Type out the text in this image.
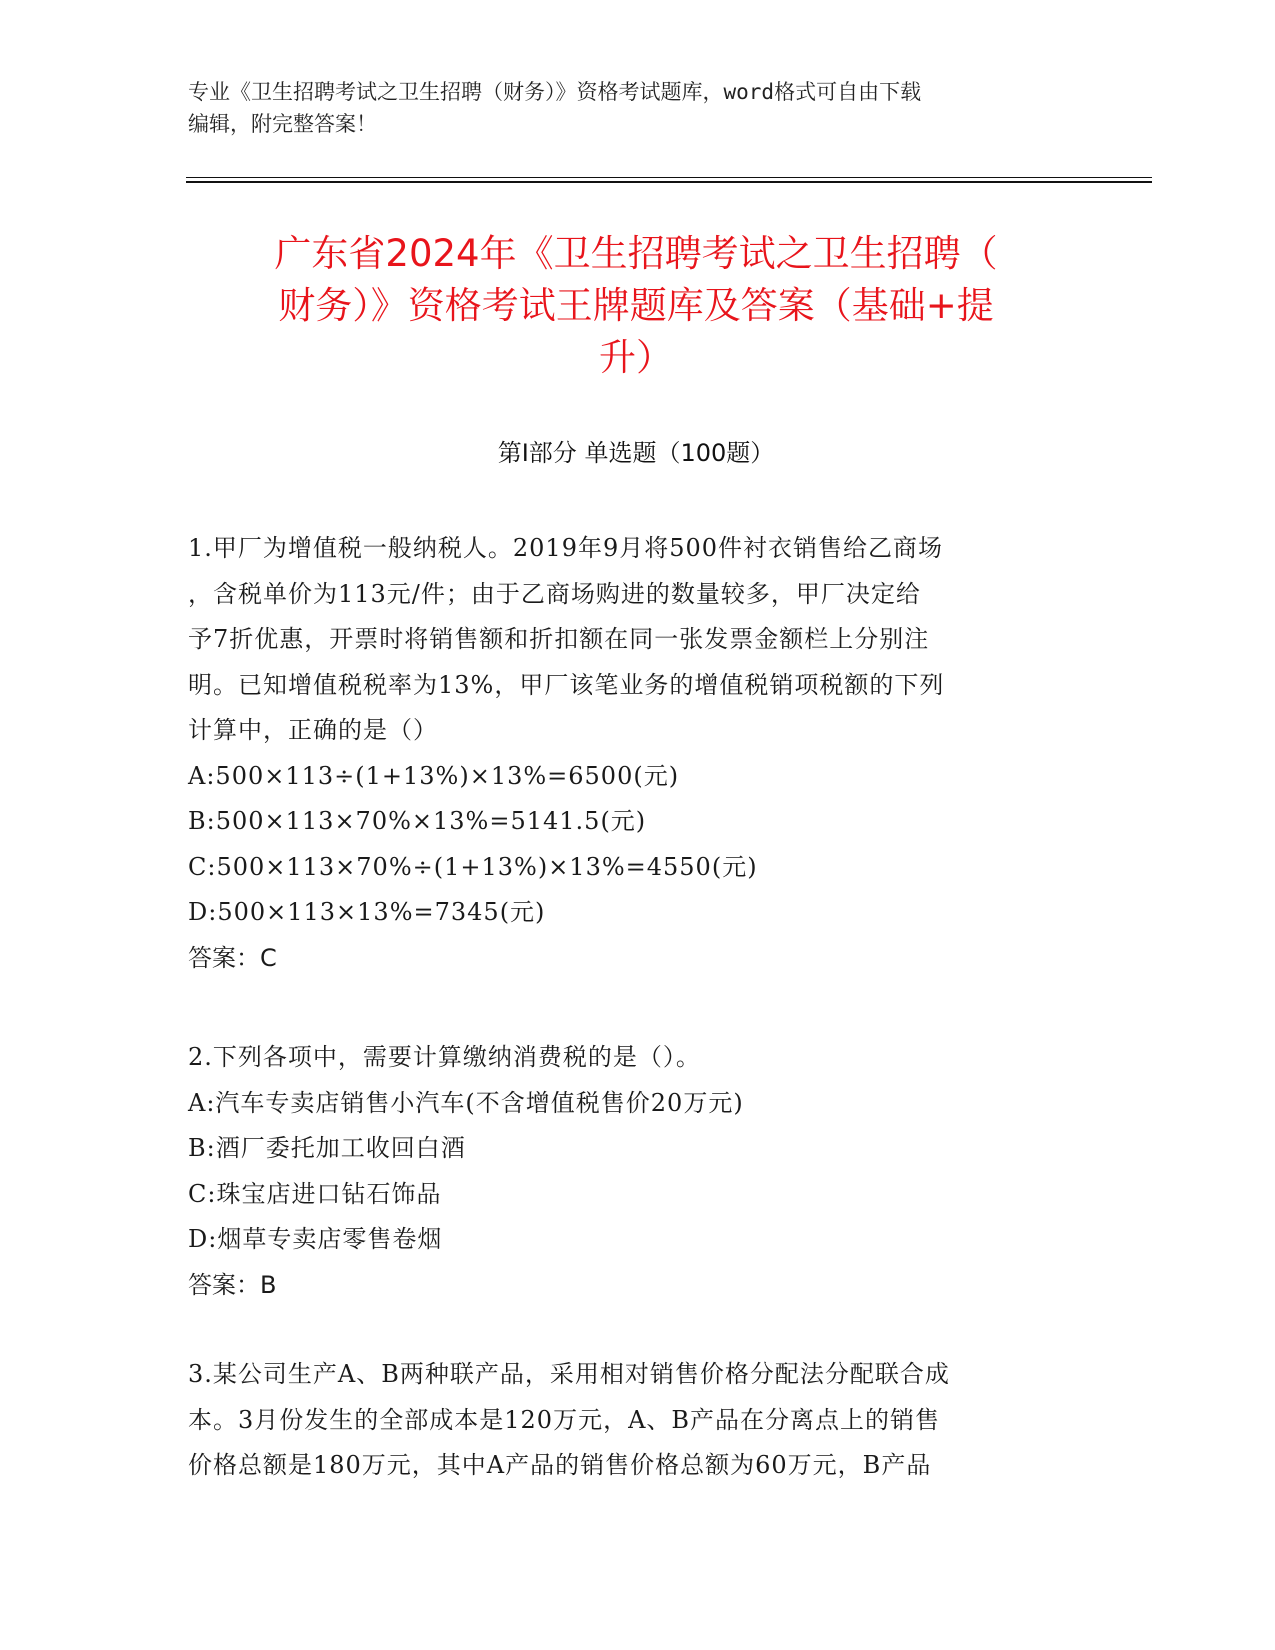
专业《卫生招聘考试之卫生招聘（财务）》资格考试题库，word格式可自由下载
编辑，附完整答案！
广东省2024年《卫生招聘考试之卫生招聘（
财务）》资格考试王牌题库及答案（基础+提
升）
第Ⅰ部分 单选题（100题）
1.甲厂为增值税一般纳税人。2019年9月将500件衬衣销售给乙商场
，含税单价为113元/件；由于乙商场购进的数量较多，甲厂决定给
予7折优惠，开票时将销售额和折扣额在同一张发票金额栏上分别注
明。已知增值税税率为13%，甲厂该笔业务的增值税销项税额的下列
计算中，正确的是（）
A:500×113÷(1+13%)×13%=6500(元)
B:500×113×70%×13%=5141.5(元)
C:500×113×70%÷(1+13%)×13%=4550(元)
D:500×113×13%=7345(元)
答案：C
2.下列各项中，需要计算缴纳消费税的是（）。
A:汽车专卖店销售小汽车(不含增值税售价20万元)
B:酒厂委托加工收回白酒
C:珠宝店进口钻石饰品
D:烟草专卖店零售卷烟
答案：B
3.某公司生产A、B两种联产品，采用相对销售价格分配法分配联合成
本。3月份发生的全部成本是120万元，A、B产品在分离点上的销售
价格总额是180万元，其中A产品的销售价格总额为60万元，B产品
